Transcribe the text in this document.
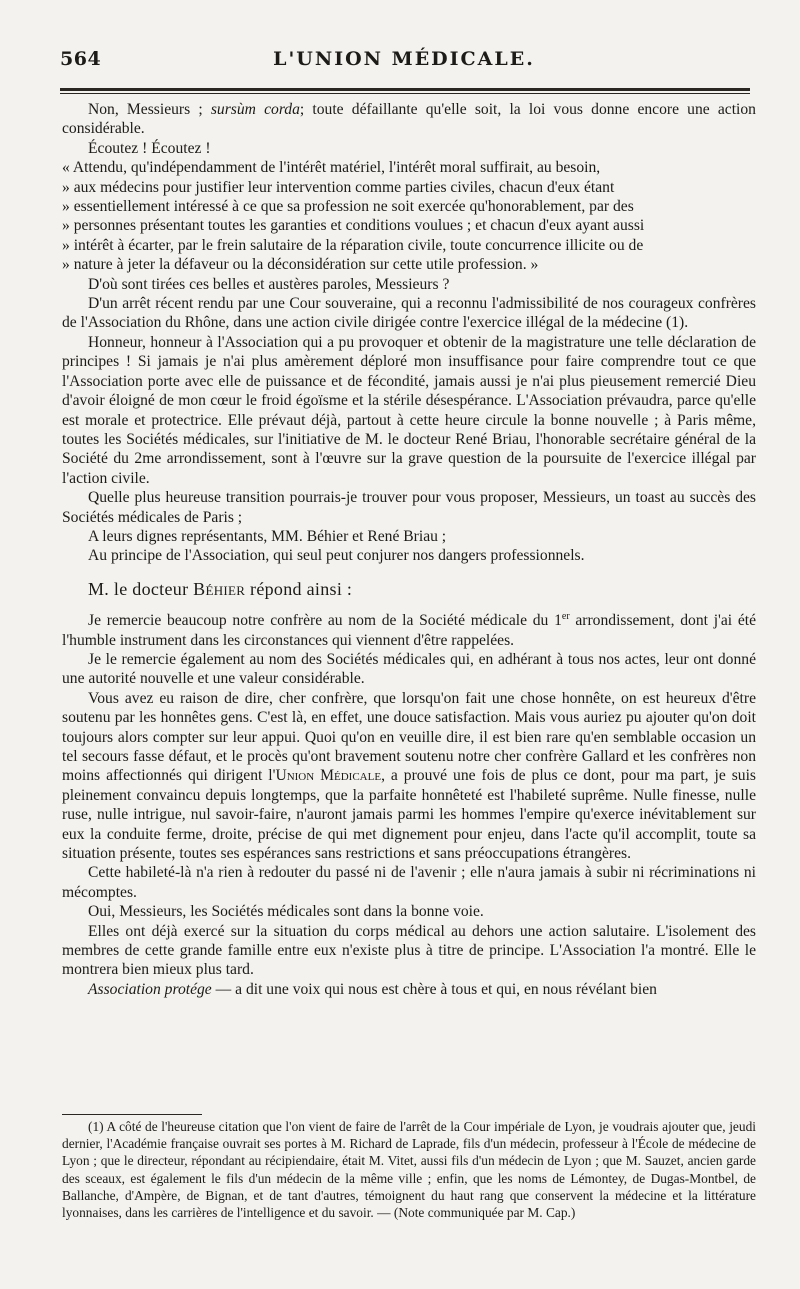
564	L'UNION MÉDICALE.

Non, Messieurs ; sursùm corda; toute défaillante qu'elle soit, la loi vous donne encore une action considérable.

Écoutez ! Écoutez !

« Attendu, qu'indépendamment de l'intérêt matériel, l'intérêt moral suffirait, au besoin,
» aux médecins pour justifier leur intervention comme parties civiles, chacun d'eux étant
» essentiellement intéressé à ce que sa profession ne soit exercée qu'honorablement, par des
» personnes présentant toutes les garanties et conditions voulues ; et chacun d'eux ayant aussi
» intérêt à écarter, par le frein salutaire de la réparation civile, toute concurrence illicite ou de
» nature à jeter la défaveur ou la déconsidération sur cette utile profession. »

D'où sont tirées ces belles et austères paroles, Messieurs ?

D'un arrêt récent rendu par une Cour souveraine, qui a reconnu l'admissibilité de nos courageux confrères de l'Association du Rhône, dans une action civile dirigée contre l'exercice illégal de la médecine (1).

Honneur, honneur à l'Association qui a pu provoquer et obtenir de la magistrature une telle déclaration de principes ! Si jamais je n'ai plus amèrement déploré mon insuffisance pour faire comprendre tout ce que l'Association porte avec elle de puissance et de fécondité, jamais aussi je n'ai plus pieusement remercié Dieu d'avoir éloigné de mon cœur le froid égoïsme et la stérile désespérance. L'Association prévaudra, parce qu'elle est morale et protectrice. Elle prévaut déjà, partout à cette heure circule la bonne nouvelle ; à Paris même, toutes les Sociétés médicales, sur l'initiative de M. le docteur René Briau, l'honorable secrétaire général de la Société du 2me arrondissement, sont à l'œuvre sur la grave question de la poursuite de l'exercice illégal par l'action civile.

Quelle plus heureuse transition pourrais-je trouver pour vous proposer, Messieurs, un toast au succès des Sociétés médicales de Paris ;

A leurs dignes représentants, MM. Béhier et René Briau ;

Au principe de l'Association, qui seul peut conjurer nos dangers professionnels.

M. le docteur Béhier répond ainsi :

Je remercie beaucoup notre confrère au nom de la Société médicale du 1er arrondissement, dont j'ai été l'humble instrument dans les circonstances qui viennent d'être rappelées.

Je le remercie également au nom des Sociétés médicales qui, en adhérant à tous nos actes, leur ont donné une autorité nouvelle et une valeur considérable.

Vous avez eu raison de dire, cher confrère, que lorsqu'on fait une chose honnête, on est heureux d'être soutenu par les honnêtes gens. C'est là, en effet, une douce satisfaction. Mais vous auriez pu ajouter qu'on doit toujours alors compter sur leur appui. Quoi qu'on en veuille dire, il est bien rare qu'en semblable occasion un tel secours fasse défaut, et le procès qu'ont bravement soutenu notre cher confrère Gallard et les confrères non moins affectionnés qui dirigent l'Union Médicale, a prouvé une fois de plus ce dont, pour ma part, je suis pleinement convaincu depuis longtemps, que la parfaite honnêteté est l'habileté suprême. Nulle finesse, nulle ruse, nulle intrigue, nul savoir-faire, n'auront jamais parmi les hommes l'empire qu'exerce inévitablement sur eux la conduite ferme, droite, précise de qui met dignement pour enjeu, dans l'acte qu'il accomplit, toute sa situation présente, toutes ses espérances sans restrictions et sans préoccupations étrangères.

Cette habileté-là n'a rien à redouter du passé ni de l'avenir ; elle n'aura jamais à subir ni récriminations ni mécomptes.

Oui, Messieurs, les Sociétés médicales sont dans la bonne voie.

Elles ont déjà exercé sur la situation du corps médical au dehors une action salutaire. L'isolement des membres de cette grande famille entre eux n'existe plus à titre de principe. L'Association l'a montré. Elle le montrera bien mieux plus tard.

Association protége — a dit une voix qui nous est chère à tous et qui, en nous révélant bien

(1) A côté de l'heureuse citation que l'on vient de faire de l'arrêt de la Cour impériale de Lyon, je voudrais ajouter que, jeudi dernier, l'Académie française ouvrait ses portes à M. Richard de Laprade, fils d'un médecin, professeur à l'École de médecine de Lyon ; que le directeur, répondant au récipiendaire, était M. Vitet, aussi fils d'un médecin de Lyon ; que M. Sauzet, ancien garde des sceaux, est également le fils d'un médecin de la même ville ; enfin, que les noms de Lémontey, de Dugas-Montbel, de Ballanche, d'Ampère, de Bignan, et de tant d'autres, témoignent du haut rang que conservent la médecine et la littérature lyonnaises, dans les carrières de l'intelligence et du savoir. — (Note communiquée par M. Cap.)
